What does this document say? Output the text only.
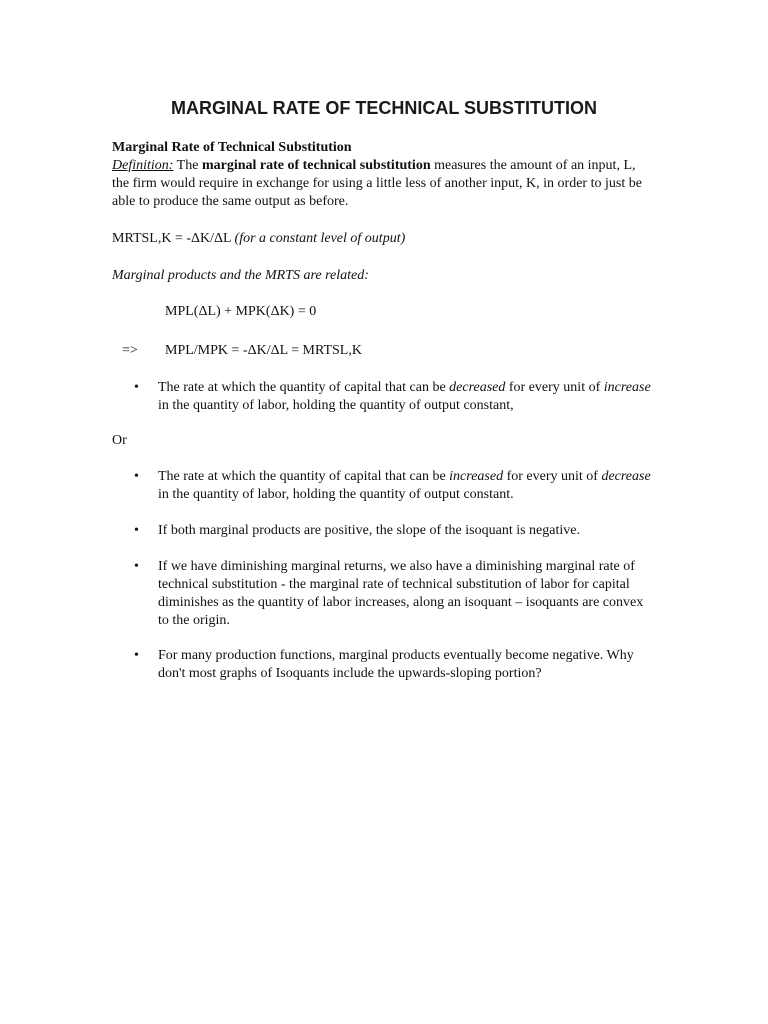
MARGINAL RATE OF TECHNICAL SUBSTITUTION
Marginal Rate of Technical Substitution
Definition: The marginal rate of technical substitution measures the amount of an input, L, the firm would require in exchange for using a little less of another input, K, in order to just be able to produce the same output as before.
MRTSL,K = -ΔK/ΔL (for a constant level of output)
Marginal products and the MRTS are related:
MPL(ΔL) + MPK(ΔK) = 0
=> MPL/MPK = -ΔK/ΔL = MRTSL,K
• The rate at which the quantity of capital that can be decreased for every unit of increase in the quantity of labor, holding the quantity of output constant,
Or
• The rate at which the quantity of capital that can be increased for every unit of decrease in the quantity of labor, holding the quantity of output constant.
• If both marginal products are positive, the slope of the isoquant is negative.
• If we have diminishing marginal returns, we also have a diminishing marginal rate of technical substitution - the marginal rate of technical substitution of labor for capital diminishes as the quantity of labor increases, along an isoquant – isoquants are convex to the origin.
• For many production functions, marginal products eventually become negative. Why don't most graphs of Isoquants include the upwards-sloping portion?
